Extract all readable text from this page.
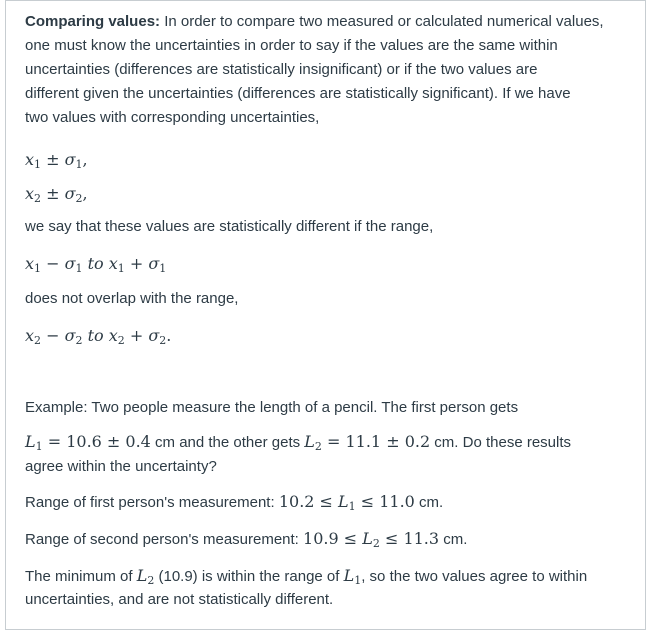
Comparing values: In order to compare two measured or calculated numerical values,
one must know the uncertainties in order to say if the values are the same within
uncertainties (differences are statistically insignificant) or if the two values are
different given the uncertainties (differences are statistically significant). If we have
two values with corresponding uncertainties,

$x_1 \pm \sigma_1$,
$x_2 \pm \sigma_2$,

we say that these values are statistically different if the range,

$x_1 - \sigma_1$ to $x_1 + \sigma_1$

does not overlap with the range,

$x_2 - \sigma_2$ to $x_2 + \sigma_2$.

Example: Two people measure the length of a pencil. The first person gets

$L_1 = 10.6 \pm 0.4$ cm and the other gets $L_2 = 11.1 \pm 0.2$ cm. Do these results

agree within the uncertainty?

Range of first person's measurement: $10.2 \le L_1 \le 11.0$ cm.

Range of second person's measurement: $10.9 \le L_2 \le 11.3$ cm.

The minimum of $L_2$ (10.9) is within the range of $L_1$, so the two values agree to within

uncertainties, and are not statistically different.
